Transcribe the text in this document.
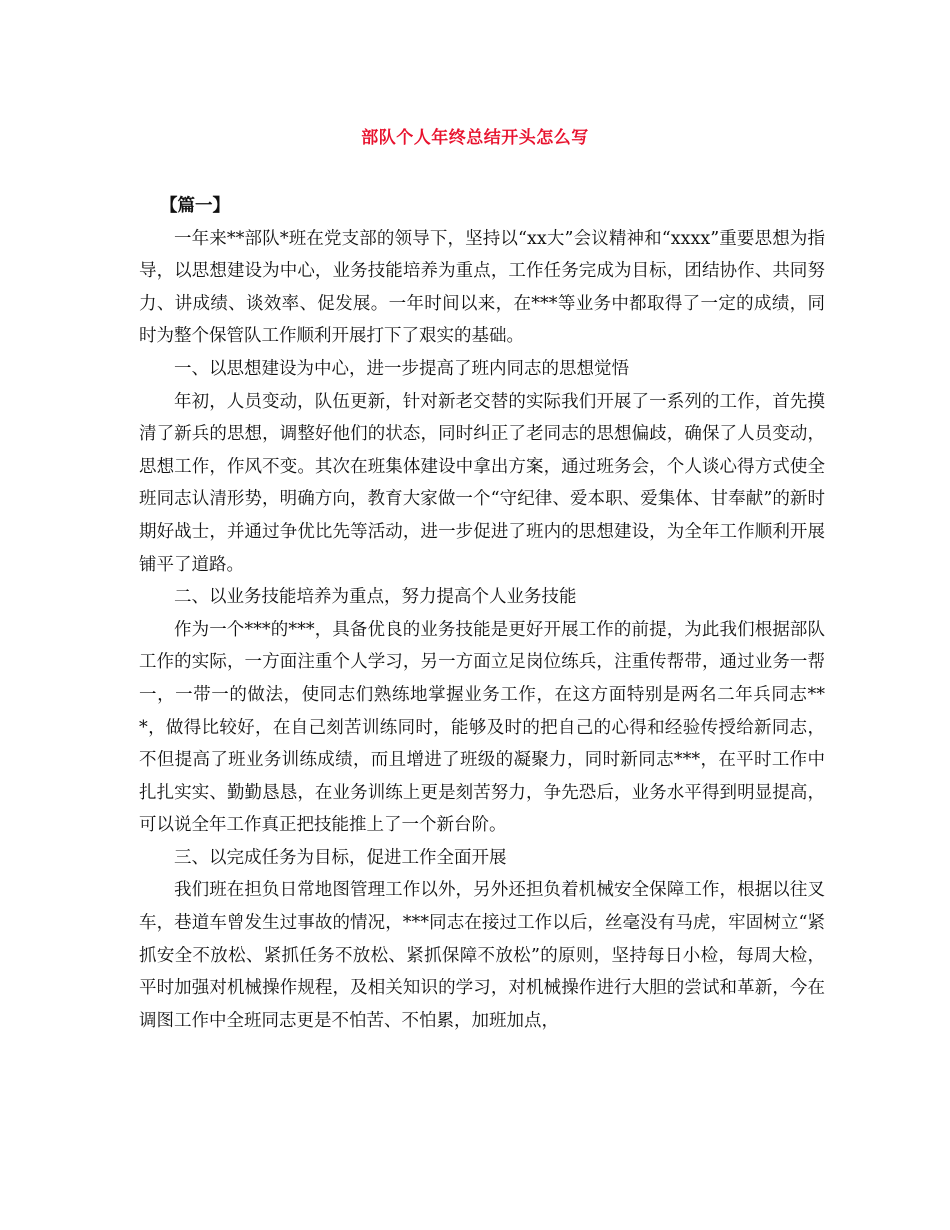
部队个人年终总结开头怎么写
【篇一】

一年来**部队*班在党支部的领导下，坚持以“xx大”会议精神和“xxxx”重要思想为指导，以思想建设为中心，业务技能培养为重点，工作任务完成为目标，团结协作、共同努力、讲成绩、谈效率、促发展。一年时间以来，在***等业务中都取得了一定的成绩，同时为整个保管队工作顺利开展打下了艰实的基础。

一、以思想建设为中心，进一步提高了班内同志的思想觉悟

年初，人员变动，队伍更新，针对新老交替的实际我们开展了一系列的工作，首先摸清了新兵的思想，调整好他们的状态，同时纠正了老同志的思想偏歧，确保了人员变动，思想工作，作风不变。其次在班集体建设中拿出方案，通过班务会，个人谈心得方式使全班同志认清形势，明确方向，教育大家做一个“守纪律、爱本职、爱集体、甘奉献”的新时期好战士，并通过争优比先等活动，进一步促进了班内的思想建设，为全年工作顺利开展铺平了道路。

二、以业务技能培养为重点，努力提高个人业务技能

作为一个***的***，具备优良的业务技能是更好开展工作的前提，为此我们根据部队工作的实际，一方面注重个人学习，另一方面立足岗位练兵，注重传帮带，通过业务一帮一，一带一的做法，使同志们熟练地掌握业务工作，在这方面特别是两名二年兵同志***，做得比较好，在自己刻苦训练同时，能够及时的把自己的心得和经验传授给新同志，不但提高了班业务训练成绩，而且增进了班级的凝聚力，同时新同志***，在平时工作中扎扎实实、勤勤恳恳，在业务训练上更是刻苦努力，争先恐后，业务水平得到明显提高，可以说全年工作真正把技能推上了一个新台阶。

三、以完成任务为目标，促进工作全面开展

我们班在担负日常地图管理工作以外，另外还担负着机械安全保障工作，根据以往叉车，巷道车曾发生过事故的情况，***同志在接过工作以后，丝毫没有马虎，牢固树立“紧抓安全不放松、紧抓任务不放松、紧抓保障不放松”的原则，坚持每日小检，每周大检，平时加强对机械操作规程，及相关知识的学习，对机械操作进行大胆的尝试和革新，今在调图工作中全班同志更是不怕苦、不怕累，加班加点，
